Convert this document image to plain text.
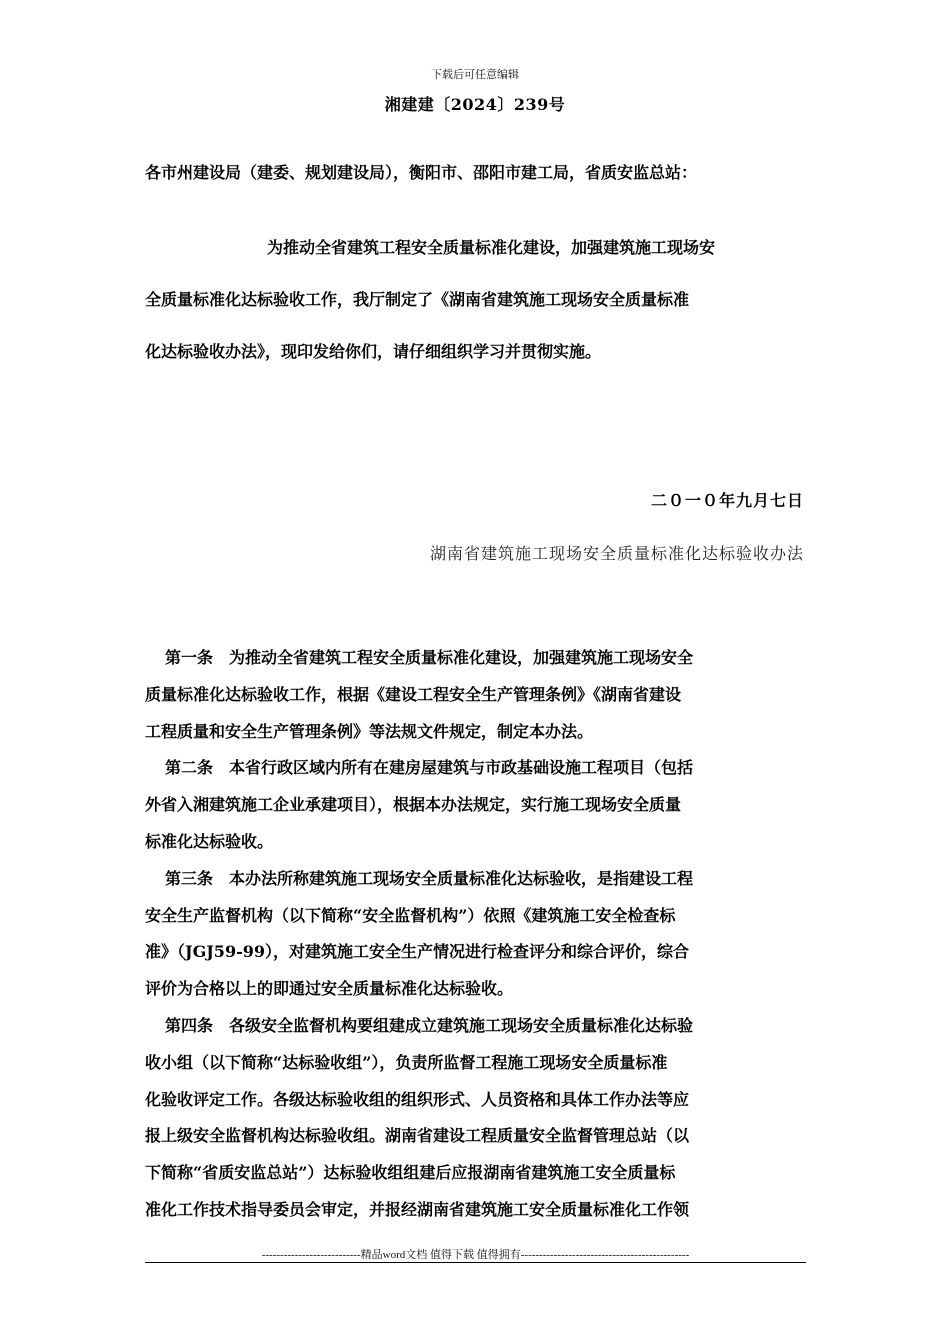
下载后可任意编辑
湘建建〔2024〕239号
各市州建设局（建委、规划建设局），衡阳市、邵阳市建工局，省质安监总站：
为推动全省建筑工程安全质量标准化建设，加强建筑施工现场安
全质量标准化达标验收工作，我厅制定了《湖南省建筑施工现场安全质量标准
化达标验收办法》，现印发给你们，请仔细组织学习并贯彻实施。
二０一０年九月七日
湖南省建筑施工现场安全质量标准化达标验收办法
第一条　为推动全省建筑工程安全质量标准化建设，加强建筑施工现场安全
质量标准化达标验收工作，根据《建设工程安全生产管理条例》《湖南省建设
工程质量和安全生产管理条例》等法规文件规定，制定本办法。
第二条　本省行政区域内所有在建房屋建筑与市政基础设施工程项目（包括
外省入湘建筑施工企业承建项目），根据本办法规定，实行施工现场安全质量
标准化达标验收。
第三条　本办法所称建筑施工现场安全质量标准化达标验收，是指建设工程
安全生产监督机构（以下简称“安全监督机构”）依照《建筑施工安全检查标
准》（JGJ59-99），对建筑施工安全生产情况进行检查评分和综合评价，综合
评价为合格以上的即通过安全质量标准化达标验收。
第四条　各级安全监督机构要组建成立建筑施工现场安全质量标准化达标验
收小组（以下简称“达标验收组”），负责所监督工程施工现场安全质量标准
化验收评定工作。各级达标验收组的组织形式、人员资格和具体工作办法等应
报上级安全监督机构达标验收组。湖南省建设工程质量安全监督管理总站（以
下简称“省质安监总站”）达标验收组组建后应报湖南省建筑施工安全质量标
准化工作技术指导委员会审定，并报经湖南省建筑施工安全质量标准化工作领
---------------------------精品word文档 值得下载 值得拥有----------------------------------------------
